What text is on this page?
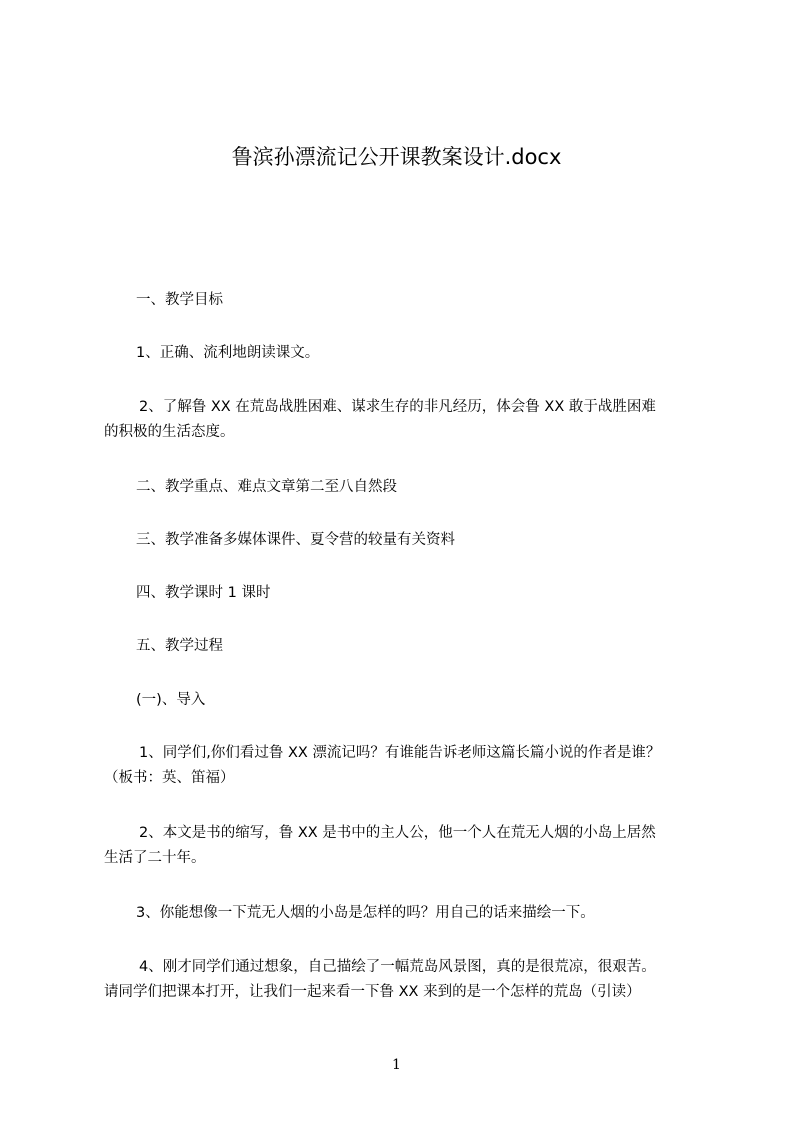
鲁滨孙漂流记公开课教案设计.docx

一、教学目标

1、正确、流利地朗读课文。

2、了解鲁 XX 在荒岛战胜困难、谋求生存的非凡经历，体会鲁 XX 敢于战胜困难
的积极的生活态度。

二、教学重点、难点文章第二至八自然段

三、教学准备多媒体课件、夏令营的较量有关资料

四、教学课时 1 课时

五、教学过程

(一)、导入

1、同学们,你们看过鲁 XX 漂流记吗？有谁能告诉老师这篇长篇小说的作者是谁？
（板书：英、笛福）

2、本文是书的缩写，鲁 XX 是书中的主人公，他一个人在荒无人烟的小岛上居然
生活了二十年。

3、你能想像一下荒无人烟的小岛是怎样的吗？用自己的话来描绘一下。

4、刚才同学们通过想象，自己描绘了一幅荒岛风景图，真的是很荒凉，很艰苦。
请同学们把课本打开，让我们一起来看一下鲁 XX 来到的是一个怎样的荒岛（引读）

1
